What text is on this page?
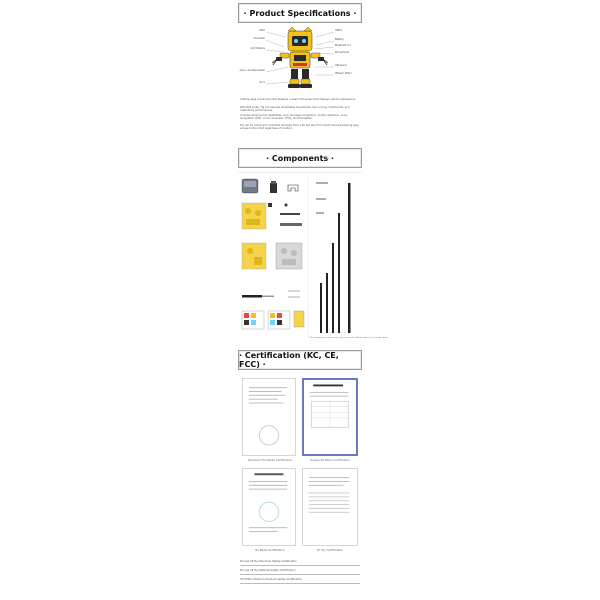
· Product Specifications ·
MCU
Controller
LCD Display
Gyro / Accelerometer
IR rx
USB C
Battery
Bluetooth 5.1
Microphone
Ultrasonic
Wheel / Motor
Cutting-edge humanoid robot features a sleek LCD screen that displays various expressions.
With 8x6 joints, Tig can execute remarkable movements, like running, martial arts, and captivating performances.
Includes advanced AI capabilities, such as image recognition, motion detection, voice recognition (STT), voice conversion (TTS), and translation.
Tig can be coded and controlled remotely from a PC but also from smart devices allowing easy access to the robot regardless of location.
· Components ·
* The components shown here may not be the official robot on the image above.
· Certification (KC, CE, FCC) ·
American FCC Radio Certification	Europe CE Radio Certification
KC Radio Certification	KC Toy Certification
Europe CE Toy Electrical Safety Certification
Europe CE Toy Material Safety Certification
US CPSIA Children's Product Safety Certification
